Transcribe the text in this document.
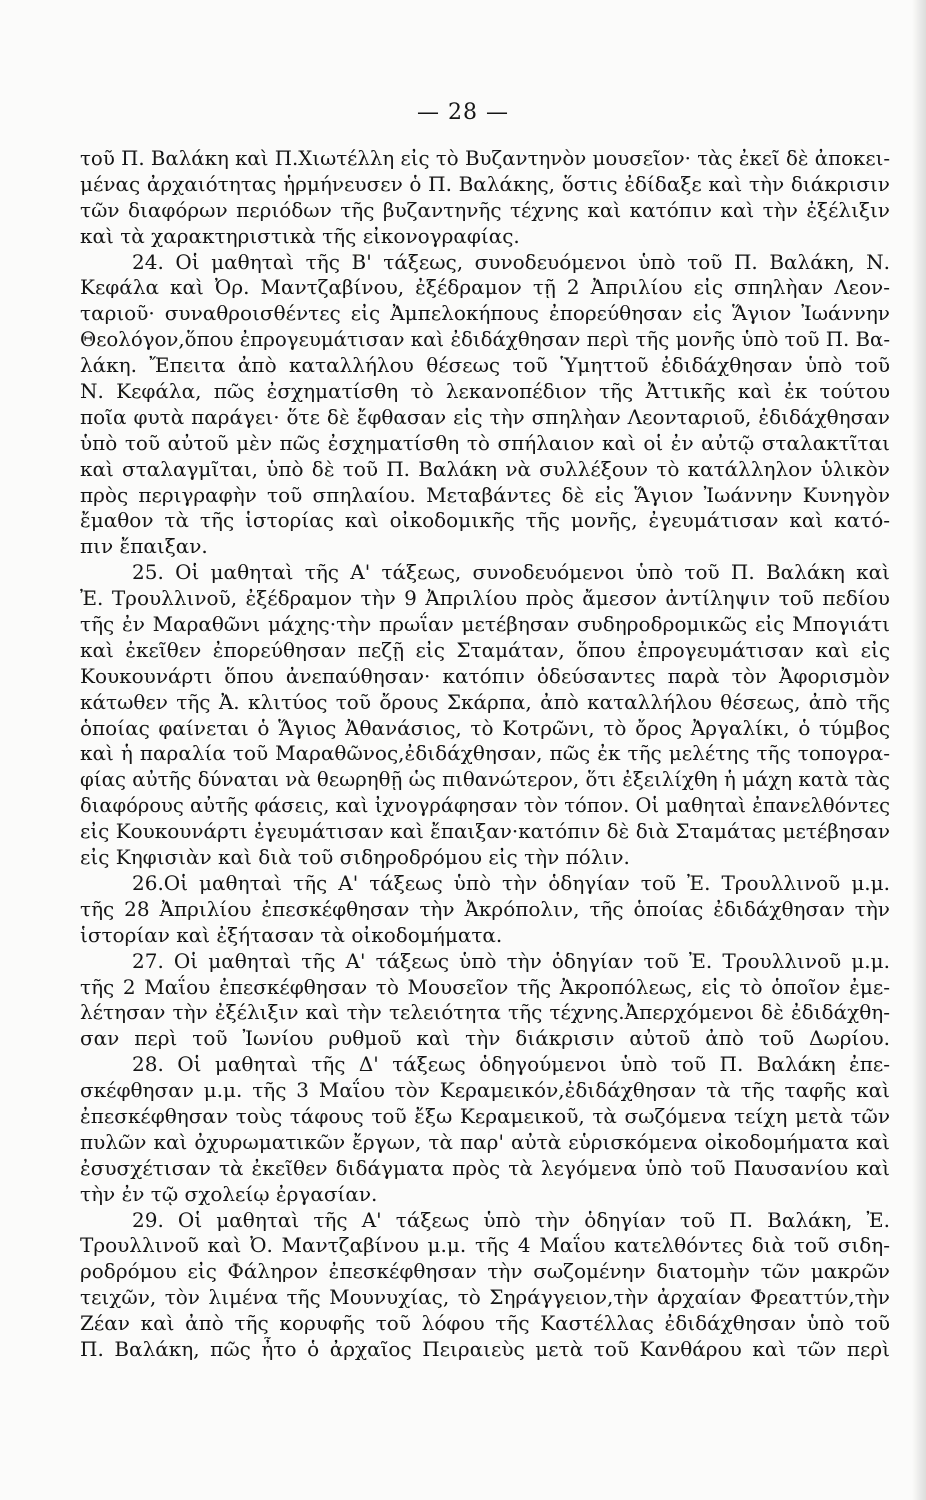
— 28 —
τοῦ Π. Βαλάκη καὶ Π.Χιωτέλλη εἰς τὸ Βυζαντηνὸν μουσεῖον· τὰς ἐκεῖ δὲ ἀποκει-
μένας ἀρχαιότητας ἡρμήνευσεν ὁ Π. Βαλάκης, ὅστις ἐδίδαξε καὶ τὴν διάκρισιν
τῶν διαφόρων περιόδων τῆς βυζαντηνῆς τέχνης καὶ κατόπιν καὶ τὴν ἐξέλιξιν
καὶ τὰ χαρακτηριστικὰ τῆς εἰκονογραφίας.
24. Οἱ μαθηταὶ τῆς Β' τάξεως, συνοδευόμενοι ὑπὸ τοῦ Π. Βαλάκη, Ν.
Κεφάλα καὶ Ὀρ. Μαντζαβίνου, ἐξέδραμον τῇ 2 Ἀπριλίου εἰς σπηλὴαν Λεον-
ταριοῦ· συναθροισθέντες εἰς Ἀμπελοκήπους ἐπορεύθησαν εἰς Ἅγιον Ἰωάννην
Θεολόγον,ὅπου ἐπρογευμάτισαν καὶ ἐδιδάχθησαν περὶ τῆς μονῆς ὑπὸ τοῦ Π. Βα-
λάκη. Ἔπειτα ἀπὸ καταλλήλου θέσεως τοῦ Ὑμηττοῦ ἐδιδάχθησαν ὑπὸ τοῦ
Ν. Κεφάλα, πῶς ἐσχηματίσθη τὸ λεκανοπέδιον τῆς Ἀττικῆς καὶ ἐκ τούτου
ποῖα φυτὰ παράγει· ὅτε δὲ ἔφθασαν εἰς τὴν σπηλὴαν Λεονταριοῦ, ἐδιδάχθησαν
ὑπὸ τοῦ αὐτοῦ μὲν πῶς ἐσχηματίσθη τὸ σπήλαιον καὶ οἱ ἐν αὐτῷ σταλακτῖται
καὶ σταλαγμῖται, ὑπὸ δὲ τοῦ Π. Βαλάκη νὰ συλλέξουν τὸ κατάλληλον ὑλικὸν
πρὸς περιγραφὴν τοῦ σπηλαίου. Μεταβάντες δὲ εἰς Ἅγιον Ἰωάννην Κυνηγὸν
ἔμαθον τὰ τῆς ἱστορίας καὶ οἰκοδομικῆς τῆς μονῆς, ἐγευμάτισαν καὶ κατό-
πιν ἔπαιξαν.
25. Οἱ μαθηταὶ τῆς Α' τάξεως, συνοδευόμενοι ὑπὸ τοῦ Π. Βαλάκη καὶ
Ἐ. Τρουλλινοῦ, ἐξέδραμον τὴν 9 Ἀπριλίου πρὸς ἄμεσον ἀντίληψιν τοῦ πεδίου
τῆς ἐν Μαραθῶνι μάχης·τὴν πρωΐαν μετέβησαν συδηροδρομικῶς εἰς Μπογιάτι
καὶ ἐκεῖθεν ἐπορεύθησαν πεζῇ εἰς Σταμάταν, ὅπου ἐπρογευμάτισαν καὶ εἰς
Κουκουνάρτι ὅπου ἀνεπαύθησαν· κατόπιν ὁδεύσαντες παρὰ τὸν Ἀφορισμὸν
κάτωθεν τῆς Ἀ. κλιτύος τοῦ ὄρους Σκάρπα, ἀπὸ καταλλήλου θέσεως, ἀπὸ τῆς
ὁποίας φαίνεται ὁ Ἅγιος Ἀθανάσιος, τὸ Κοτρῶνι, τὸ ὄρος Ἀργαλίκι, ὁ τύμβος
καὶ ἡ παραλία τοῦ Μαραθῶνος,ἐδιδάχθησαν, πῶς ἐκ τῆς μελέτης τῆς τοπογρα-
φίας αὐτῆς δύναται νὰ θεωρηθῇ ὡς πιθανώτερον, ὅτι ἐξειλίχθη ἡ μάχη κατὰ τὰς
διαφόρους αὐτῆς φάσεις, καὶ ἰχνογράφησαν τὸν τόπον. Οἱ μαθηταὶ ἐπανελθόντες
εἰς Κουκουνάρτι ἐγευμάτισαν καὶ ἔπαιξαν·κατόπιν δὲ διὰ Σταμάτας μετέβησαν
εἰς Κηφισιὰν καὶ διὰ τοῦ σιδηροδρόμου εἰς τὴν πόλιν.
26.Οἱ μαθηταὶ τῆς Α' τάξεως ὑπὸ τὴν ὁδηγίαν τοῦ Ἐ. Τρουλλινοῦ μ.μ.
τῆς 28 Ἀπριλίου ἐπεσκέφθησαν τὴν Ἀκρόπολιν, τῆς ὁποίας ἐδιδάχθησαν τὴν
ἱστορίαν καὶ ἐξήτασαν τὰ οἰκοδομήματα.
27. Οἱ μαθηταὶ τῆς Α' τάξεως ὑπὸ τὴν ὁδηγίαν τοῦ Ἐ. Τρουλλινοῦ μ.μ.
τῆς 2 Μαΐου ἐπεσκέφθησαν τὸ Μουσεῖον τῆς Ἀκροπόλεως, εἰς τὸ ὁποῖον ἐμε-
λέτησαν τὴν ἐξέλιξιν καὶ τὴν τελειότητα τῆς τέχνης.Ἀπερχόμενοι δὲ ἐδιδάχθη-
σαν περὶ τοῦ Ἰωνίου ρυθμοῦ καὶ τὴν διάκρισιν αὐτοῦ ἀπὸ τοῦ Δωρίου.
28. Οἱ μαθηταὶ τῆς Δ' τάξεως ὁδηγούμενοι ὑπὸ τοῦ Π. Βαλάκη ἐπε-
σκέφθησαν μ.μ. τῆς 3 Μαΐου τὸν Κεραμεικόν,ἐδιδάχθησαν τὰ τῆς ταφῆς καὶ
ἐπεσκέφθησαν τοὺς τάφους τοῦ ἔξω Κεραμεικοῦ, τὰ σωζόμενα τείχη μετὰ τῶν
πυλῶν καὶ ὀχυρωματικῶν ἔργων, τὰ παρ' αὐτὰ εὑρισκόμενα οἰκοδομήματα καὶ
ἐσυσχέτισαν τὰ ἐκεῖθεν διδάγματα πρὸς τὰ λεγόμενα ὑπὸ τοῦ Παυσανίου καὶ
τὴν ἐν τῷ σχολείῳ ἐργασίαν.
29. Οἱ μαθηταὶ τῆς Α' τάξεως ὑπὸ τὴν ὁδηγίαν τοῦ Π. Βαλάκη, Ἐ.
Τρουλλινοῦ καὶ Ὀ. Μαντζαβίνου μ.μ. τῆς 4 Μαΐου κατελθόντες διὰ τοῦ σιδη-
ροδρόμου εἰς Φάληρον ἐπεσκέφθησαν τὴν σωζομένην διατομὴν τῶν μακρῶν
τειχῶν, τὸν λιμένα τῆς Μουνυχίας, τὸ Σηράγγειον,τὴν ἀρχαίαν Φρεαττύν,τὴν
Ζέαν καὶ ἀπὸ τῆς κορυφῆς τοῦ λόφου τῆς Καστέλλας ἐδιδάχθησαν ὑπὸ τοῦ
Π. Βαλάκη, πῶς ἦτο ὁ ἀρχαῖος Πειραιεὺς μετὰ τοῦ Κανθάρου καὶ τῶν περὶ
